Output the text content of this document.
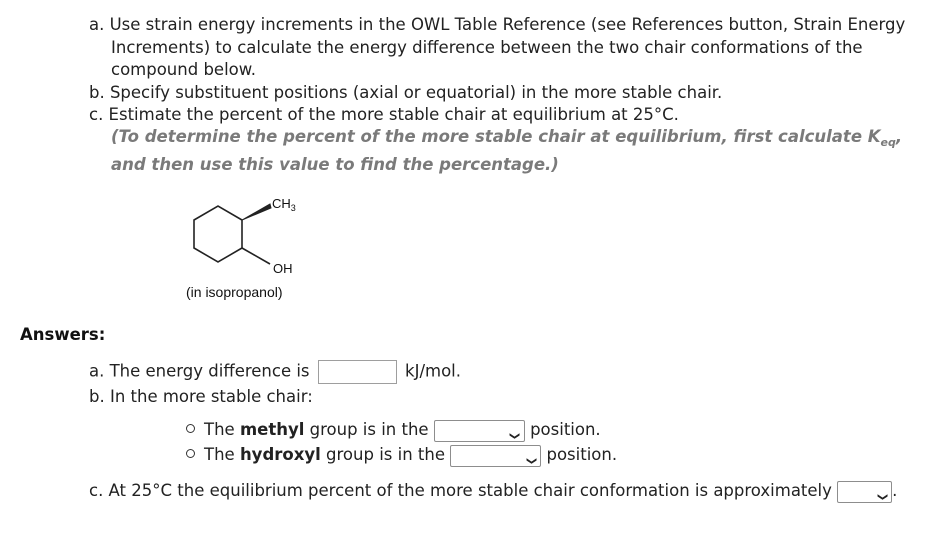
a. Use strain energy increments in the OWL Table Reference (see References button, Strain Energy
Increments) to calculate the energy difference between the two chair conformations of the
compound below.
b. Specify substituent positions (axial or equatorial) in the more stable chair.
c. Estimate the percent of the more stable chair at equilibrium at 25°C.
(To determine the percent of the more stable chair at equilibrium, first calculate $K_{eq}$,
and then use this value to find the percentage.)
$CH_3$
OH
(in isopropanol)
Answers:
a. The energy difference is	kJ/mol.
b. In the more stable chair:
The methyl group is in the	❯ position.
The hydroxyl group is in the	❯ position.
c. At 25°C the equilibrium percent of the more stable chair conformation is approximately	❯ .
